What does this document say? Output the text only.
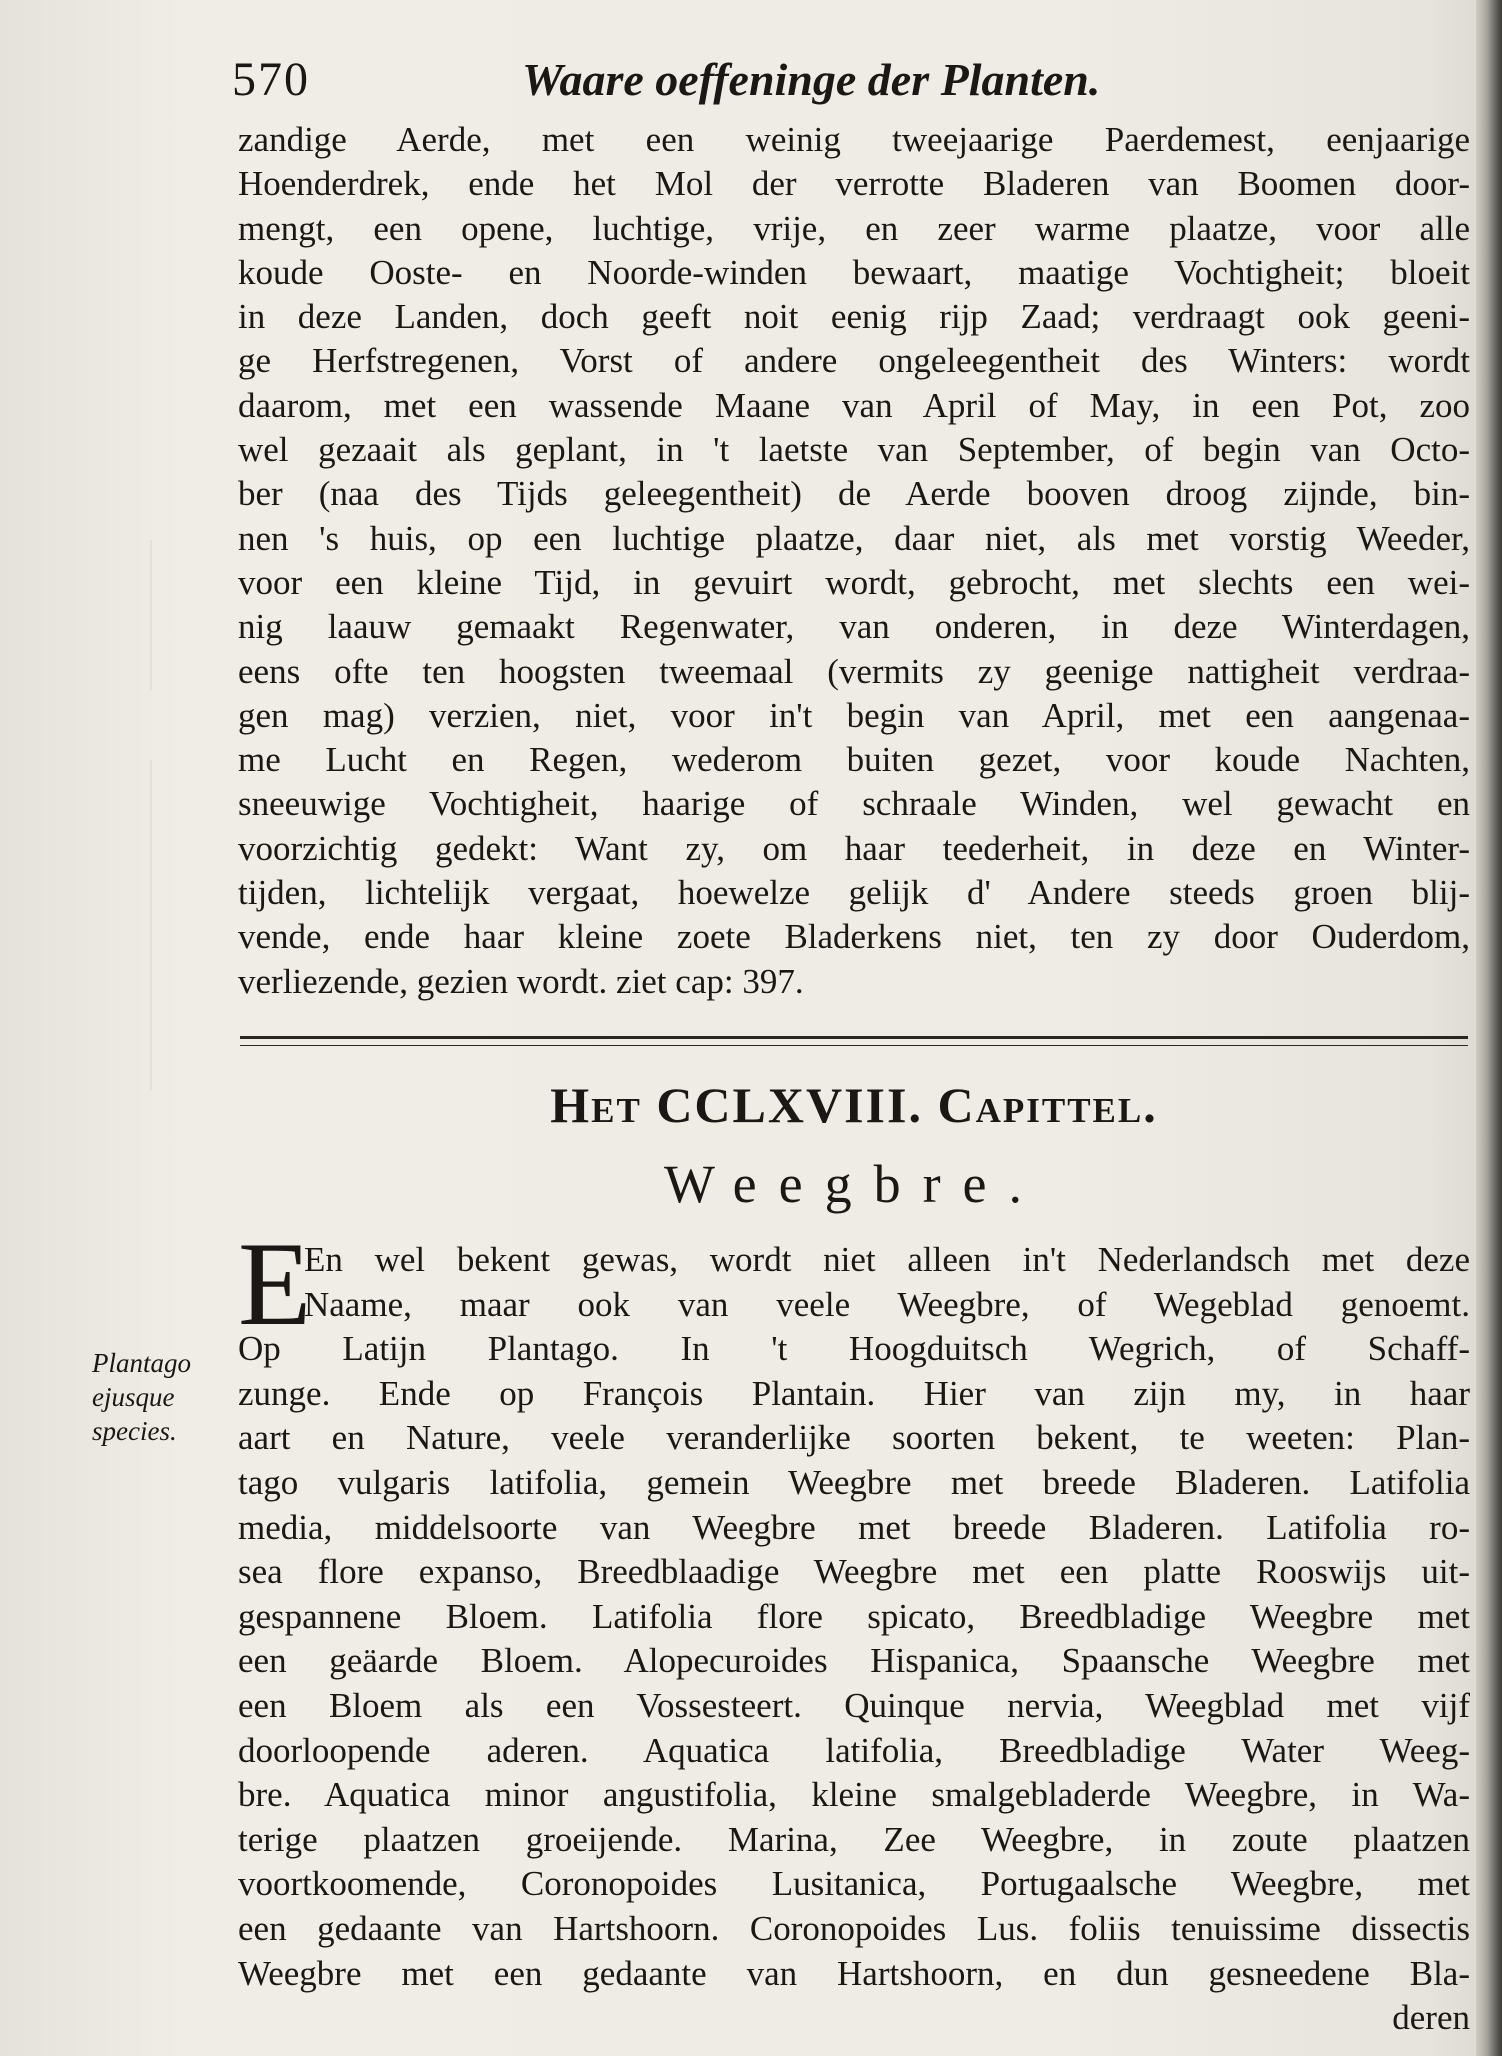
570	Waare oeffeninge der Planten.
zandige Aerde, met een weinig tweejaarige Paerdemest, eenjaarige
Hoenderdrek, ende het Mol der verrotte Bladeren van Boomen door-
mengt, een opene, luchtige, vrije, en zeer warme plaatze, voor alle
koude Ooste- en Noorde-winden bewaart, maatige Vochtigheit; bloeit
in deze Landen, doch geeft noit eenig rijp Zaad; verdraagt ook geeni-
ge Herfstregenen, Vorst of andere ongeleegentheit des Winters: wordt
daarom, met een wassende Maane van April of May, in een Pot, zoo
wel gezaait als geplant, in 't laetste van September, of begin van Octo-
ber (naa des Tijds geleegentheit) de Aerde booven droog zijnde, bin-
nen 's huis, op een luchtige plaatze, daar niet, als met vorstig Weeder,
voor een kleine Tijd, in gevuirt wordt, gebrocht, met slechts een wei-
nig laauw gemaakt Regenwater, van onderen, in deze Winterdagen,
eens ofte ten hoogsten tweemaal (vermits zy geenige nattigheit verdraa-
gen mag) verzien, niet, voor in't begin van April, met een aangenaa-
me Lucht en Regen, wederom buiten gezet, voor koude Nachten,
sneeuwige Vochtigheit, haarige of schraale Winden, wel gewacht en
voorzichtig gedekt: Want zy, om haar teederheit, in deze en Winter-
tijden, lichtelijk vergaat, hoewelze gelijk d' Andere steeds groen blij-
vende, ende haar kleine zoete Bladerkens niet, ten zy door Ouderdom,
verliezende, gezien wordt. ziet cap: 397.
Het CCLXVIII. Capittel.
Weegbre.
E
En wel bekent gewas, wordt niet alleen in't Nederlandsch met deze
Naame, maar ook van veele Weegbre, of Wegeblad genoemt.
Op Latijn Plantago. In 't Hoogduitsch Wegrich, of Schaff-
zunge. Ende op François Plantain. Hier van zijn my, in haar
aart en Nature, veele veranderlijke soorten bekent, te weeten: Plan-
tago vulgaris latifolia, gemein Weegbre met breede Bladeren. Latifolia
media, middelsoorte van Weegbre met breede Bladeren. Latifolia ro-
sea flore expanso, Breedblaadige Weegbre met een platte Rooswijs uit-
gespannene Bloem. Latifolia flore spicato, Breedbladige Weegbre met
een geäarde Bloem. Alopecuroides Hispanica, Spaansche Weegbre met
een Bloem als een Vossesteert. Quinque nervia, Weegblad met vijf
doorloopende aderen. Aquatica latifolia, Breedbladige Water Weeg-
bre. Aquatica minor angustifolia, kleine smalgebladerde Weegbre, in Wa-
terige plaatzen groeijende. Marina, Zee Weegbre, in zoute plaatzen
voortkoomende, Coronopoides Lusitanica, Portugaalsche Weegbre, met
een gedaante van Hartshoorn. Coronopoides Lus. foliis tenuissime dissectis
Weegbre met een gedaante van Hartshoorn, en dun gesneedene Bla-
deren
Plantago ejusque species.
